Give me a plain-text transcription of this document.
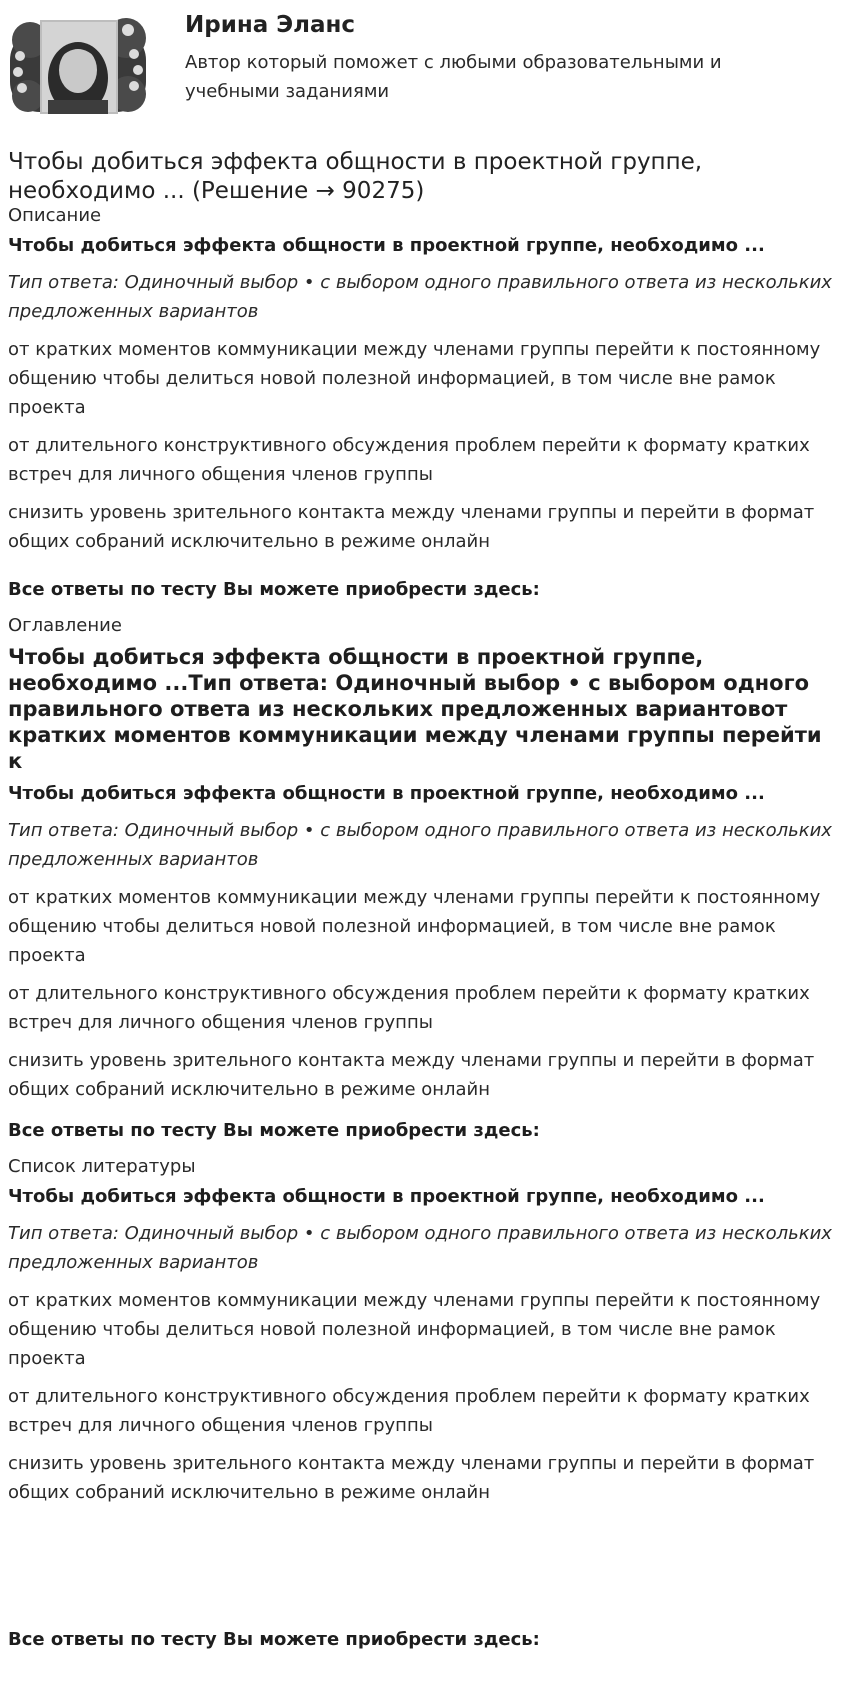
Ирина Эланс
Автор который поможет с любыми образовательными и учебными заданиями
Чтобы добиться эффекта общности в проектной группе, необходимо ... (Решение → 90275)
Описание
Чтобы добиться эффекта общности в проектной группе, необходимо ...
Тип ответа: Одиночный выбор • с выбором одного правильного ответа из нескольких предложенных вариантов
от кратких моментов коммуникации между членами группы перейти к постоянному общению чтобы делиться новой полезной информацией, в том числе вне рамок проекта
от длительного конструктивного обсуждения проблем перейти к формату кратких встреч для личного общения членов группы
снизить уровень зрительного контакта между членами группы и перейти в формат общих собраний исключительно в режиме онлайн
Все ответы по тесту Вы можете приобрести здесь:
Оглавление
Чтобы добиться эффекта общности в проектной группе, необходимо ...Тип ответа: Одиночный выбор • с выбором одного правильного ответа из нескольких предложенных вариантовот кратких моментов коммуникации между членами группы перейти к
Чтобы добиться эффекта общности в проектной группе, необходимо ...
Тип ответа: Одиночный выбор • с выбором одного правильного ответа из нескольких предложенных вариантов
от кратких моментов коммуникации между членами группы перейти к постоянному общению чтобы делиться новой полезной информацией, в том числе вне рамок проекта
от длительного конструктивного обсуждения проблем перейти к формату кратких встреч для личного общения членов группы
снизить уровень зрительного контакта между членами группы и перейти в формат общих собраний исключительно в режиме онлайн
Все ответы по тесту Вы можете приобрести здесь:
Список литературы
Чтобы добиться эффекта общности в проектной группе, необходимо ...
Тип ответа: Одиночный выбор • с выбором одного правильного ответа из нескольких предложенных вариантов
от кратких моментов коммуникации между членами группы перейти к постоянному общению чтобы делиться новой полезной информацией, в том числе вне рамок проекта
от длительного конструктивного обсуждения проблем перейти к формату кратких встреч для личного общения членов группы
снизить уровень зрительного контакта между членами группы и перейти в формат общих собраний исключительно в режиме онлайн
Все ответы по тесту Вы можете приобрести здесь:
